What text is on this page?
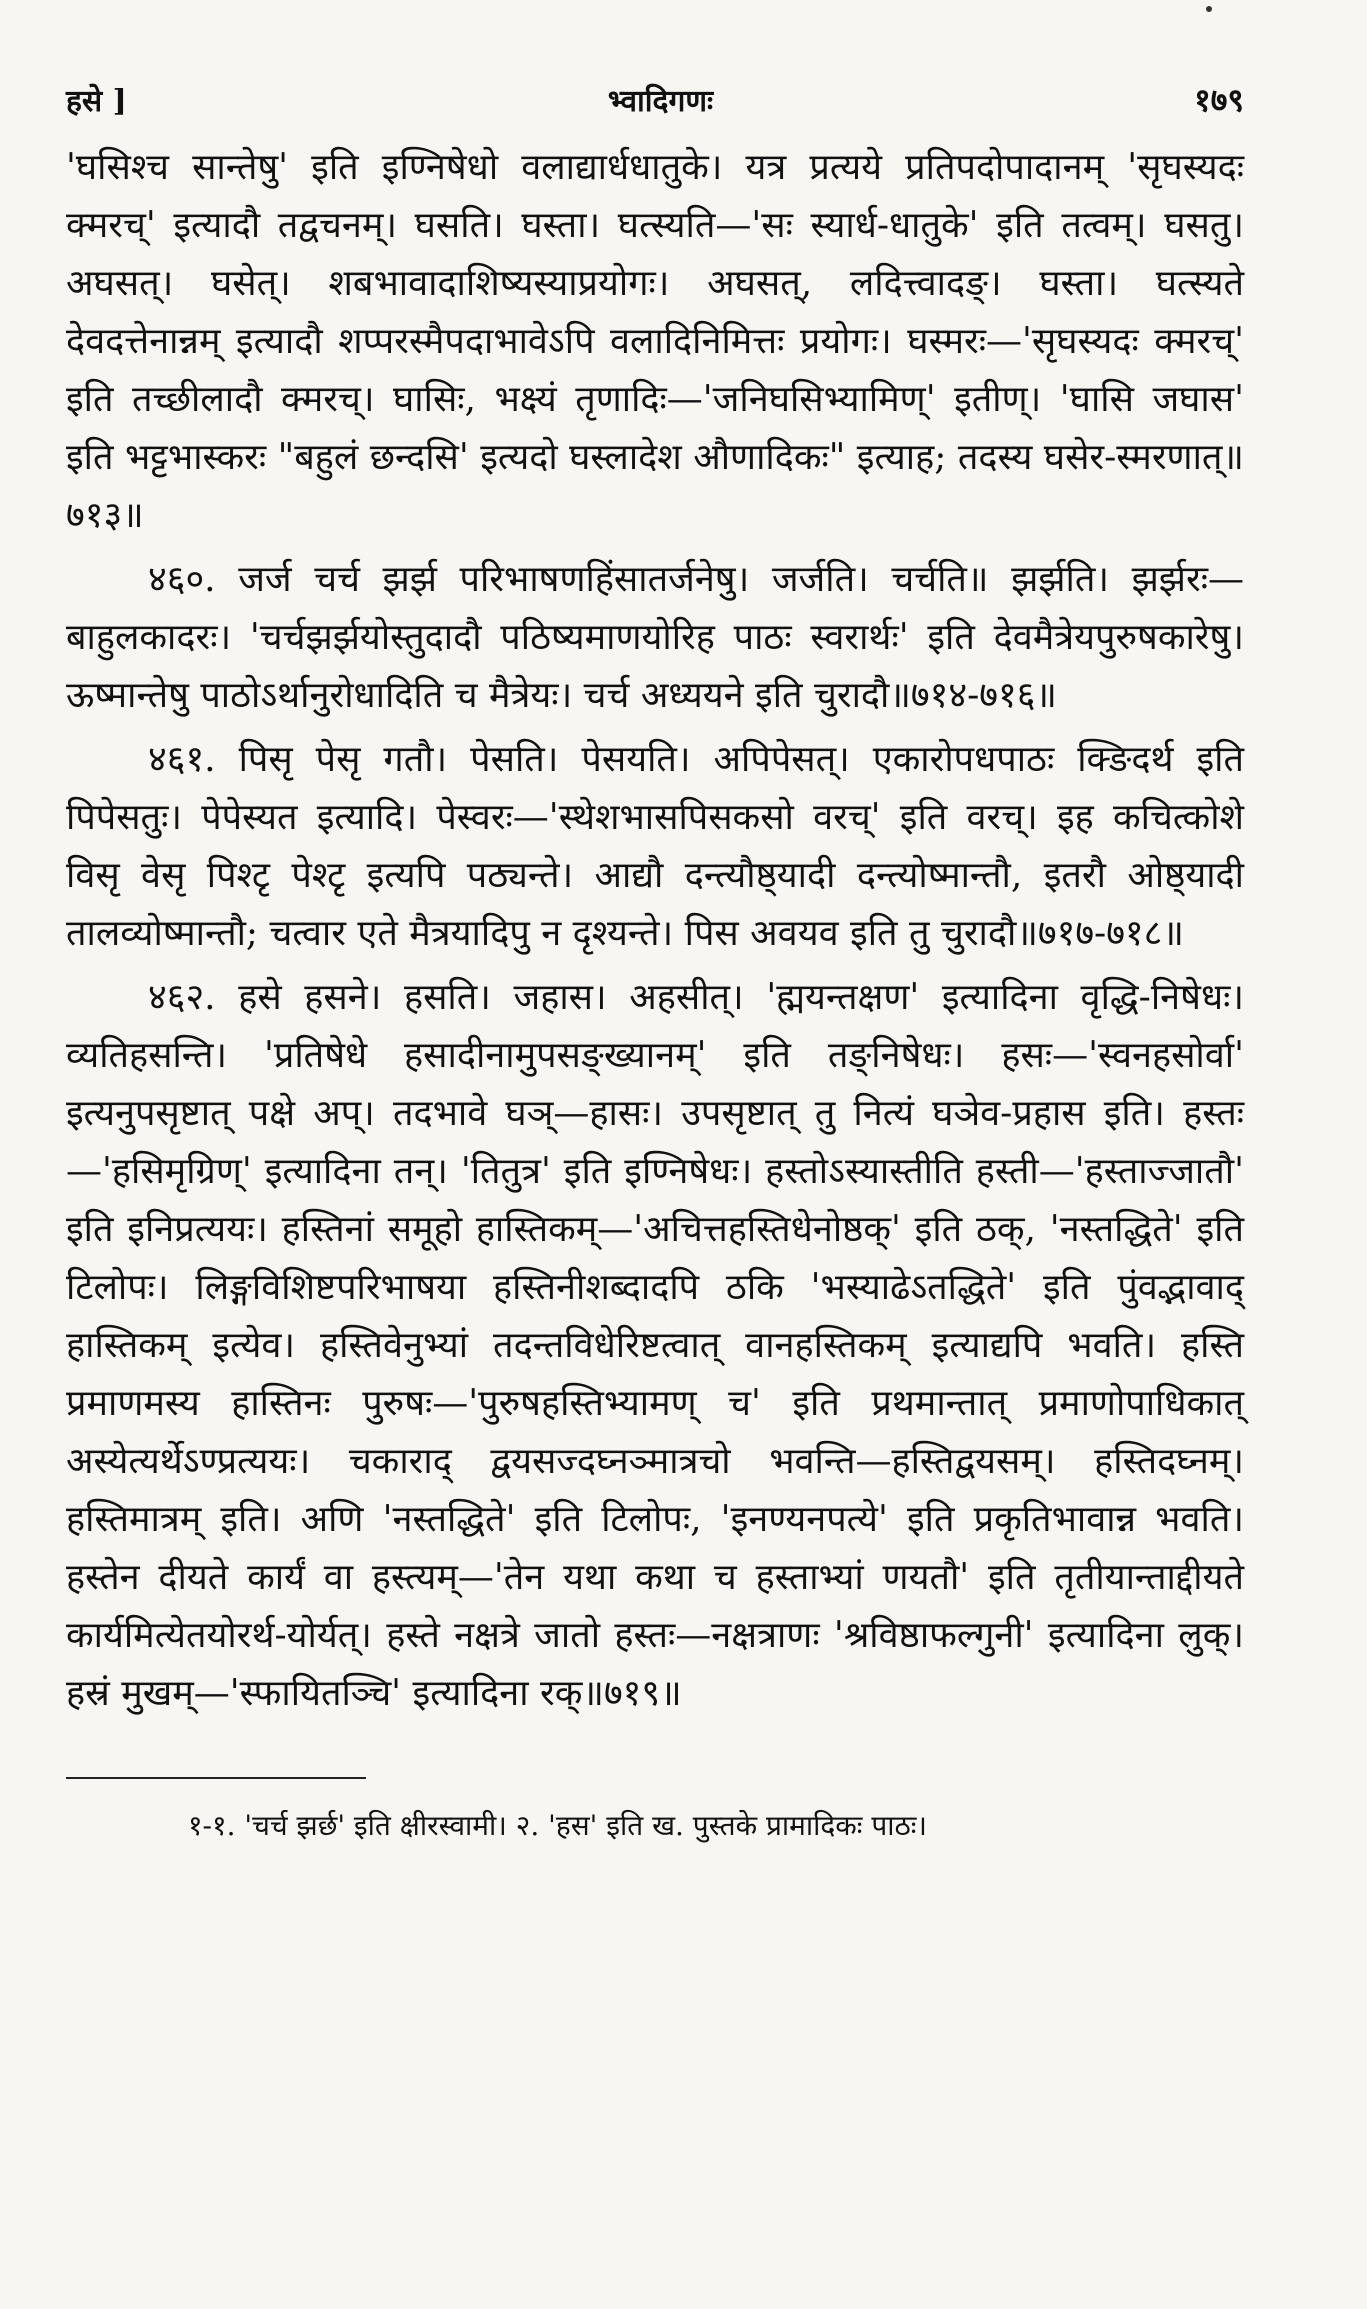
हसे ]	भ्वादिगणः	१७९

'घसिश्च सान्तेषु' इति इण्निषेधो वलाद्यार्धधातुके। यत्र प्रत्यये प्रतिपदोपादानम् 'सृघस्यदः क्मरच्' इत्यादौ तद्वचनम्। घसति। घस्ता। घत्स्यति—'सः स्यार्ध-धातुके' इति तत्वम्। घसतु। अघसत्। घसेत्। शबभावादाशिष्यस्याप्रयोगः। अघसत्, लदित्त्वादङ्। घस्ता। घत्स्यते देवदत्तेनान्नम् इत्यादौ शप्परस्मैपदाभावेऽपि वलादिनिमित्तः प्रयोगः। घस्मरः—'सृघस्यदः क्मरच्' इति तच्छीलादौ क्मरच्। घासिः, भक्ष्यं तृणादिः—'जनिघसिभ्यामिण्' इतीण्। 'घासि जघास' इति भट्टभास्करः "बहुलं छन्दसि' इत्यदो घस्लादेश औणादिकः" इत्याह; तदस्य घसेर-स्मरणात्॥७१३॥

४६०. जर्ज चर्च झर्झ परिभाषणहिंसातर्जनेषु। जर्जति। चर्चति॥ झर्झति। झर्झरः—बाहुलकादरः। 'चर्चझर्झयोस्तुदादौ पठिष्यमाणयोरिह पाठः स्वरार्थः' इति देवमैत्रेयपुरुषकारेषु। ऊष्मान्तेषु पाठोऽर्थानुरोधादिति च मैत्रेयः। चर्च अध्ययने इति चुरादौ॥७१४-७१६॥

४६१. पिसृ पेसृ गतौ। पेसति। पेसयति। अपिपेसत्। एकारोपधपाठः क्ङिदर्थ इति पिपेसतुः। पेपेस्यत इत्यादि। पेस्वरः—'स्थेशभासपिसकसो वरच्' इति वरच्। इह कचित्कोशे विसृ वेसृ पिश्टृ पेश्टृ इत्यपि पठ्यन्ते। आद्यौ दन्त्यौष्ठ्यादी दन्त्योष्मान्तौ, इतरौ ओष्ठ्यादी तालव्योष्मान्तौ; चत्वार एते मैत्रयादिपु न दृश्यन्ते। पिस अवयव इति तु चुरादौ॥७१७-७१८॥

४६२. हसे हसने। हसति। जहास। अहसीत्। 'ह्मयन्तक्षण' इत्यादिना वृद्धि-निषेधः। व्यतिहसन्ति। 'प्रतिषेधे हसादीनामुपसङ्ख्यानम्' इति तङ्निषेधः। हसः—'स्वनहसोर्वा' इत्यनुपसृष्टात् पक्षे अप्। तदभावे घञ्—हासः। उपसृष्टात् तु नित्यं घञेव-प्रहास इति। हस्तः—'हसिमृग्रिण्' इत्यादिना तन्। 'तितुत्र' इति इण्निषेधः। हस्तोऽस्यास्तीति हस्ती—'हस्ताज्जातौ' इति इनिप्रत्ययः। हस्तिनां समूहो हास्तिकम्—'अचित्तहस्तिधेनोष्ठक्' इति ठक्, 'नस्तद्धिते' इति टिलोपः। लिङ्गविशिष्टपरिभाषया हस्तिनीशब्दादपि ठकि 'भस्याढेऽतद्धिते' इति पुंवद्भावाद् हास्तिकम् इत्येव। हस्तिवेनुभ्यां तदन्तविधेरिष्टत्वात् वानहस्तिकम् इत्याद्यपि भवति। हस्ति प्रमाणमस्य हास्तिनः पुरुषः—'पुरुषहस्तिभ्यामण् च' इति प्रथमान्तात् प्रमाणोपाधिकात् अस्येत्यर्थेऽण्प्रत्ययः। चकाराद् द्वयसज्दघ्नञ्मात्रचो भवन्ति—हस्तिद्वयसम्। हस्तिदघ्नम्। हस्तिमात्रम् इति। अणि 'नस्तद्धिते' इति टिलोपः, 'इनण्यनपत्ये' इति प्रकृतिभावान्न भवति। हस्तेन दीयते कार्यं वा हस्त्यम्—'तेन यथा कथा च हस्ताभ्यां णयतौ' इति तृतीयान्ताद्दीयते कार्यमित्येतयोरर्थ-योर्यत्। हस्ते नक्षत्रे जातो हस्तः—नक्षत्राणः 'श्रविष्ठाफल्गुनी' इत्यादिना लुक्। हस्रं मुखम्—'स्फायितञ्चि' इत्यादिना रक्॥७१९॥

१-१. 'चर्च झर्छ' इति क्षीरस्वामी। २. 'हस' इति ख. पुस्तके प्रामादिकः पाठः।
